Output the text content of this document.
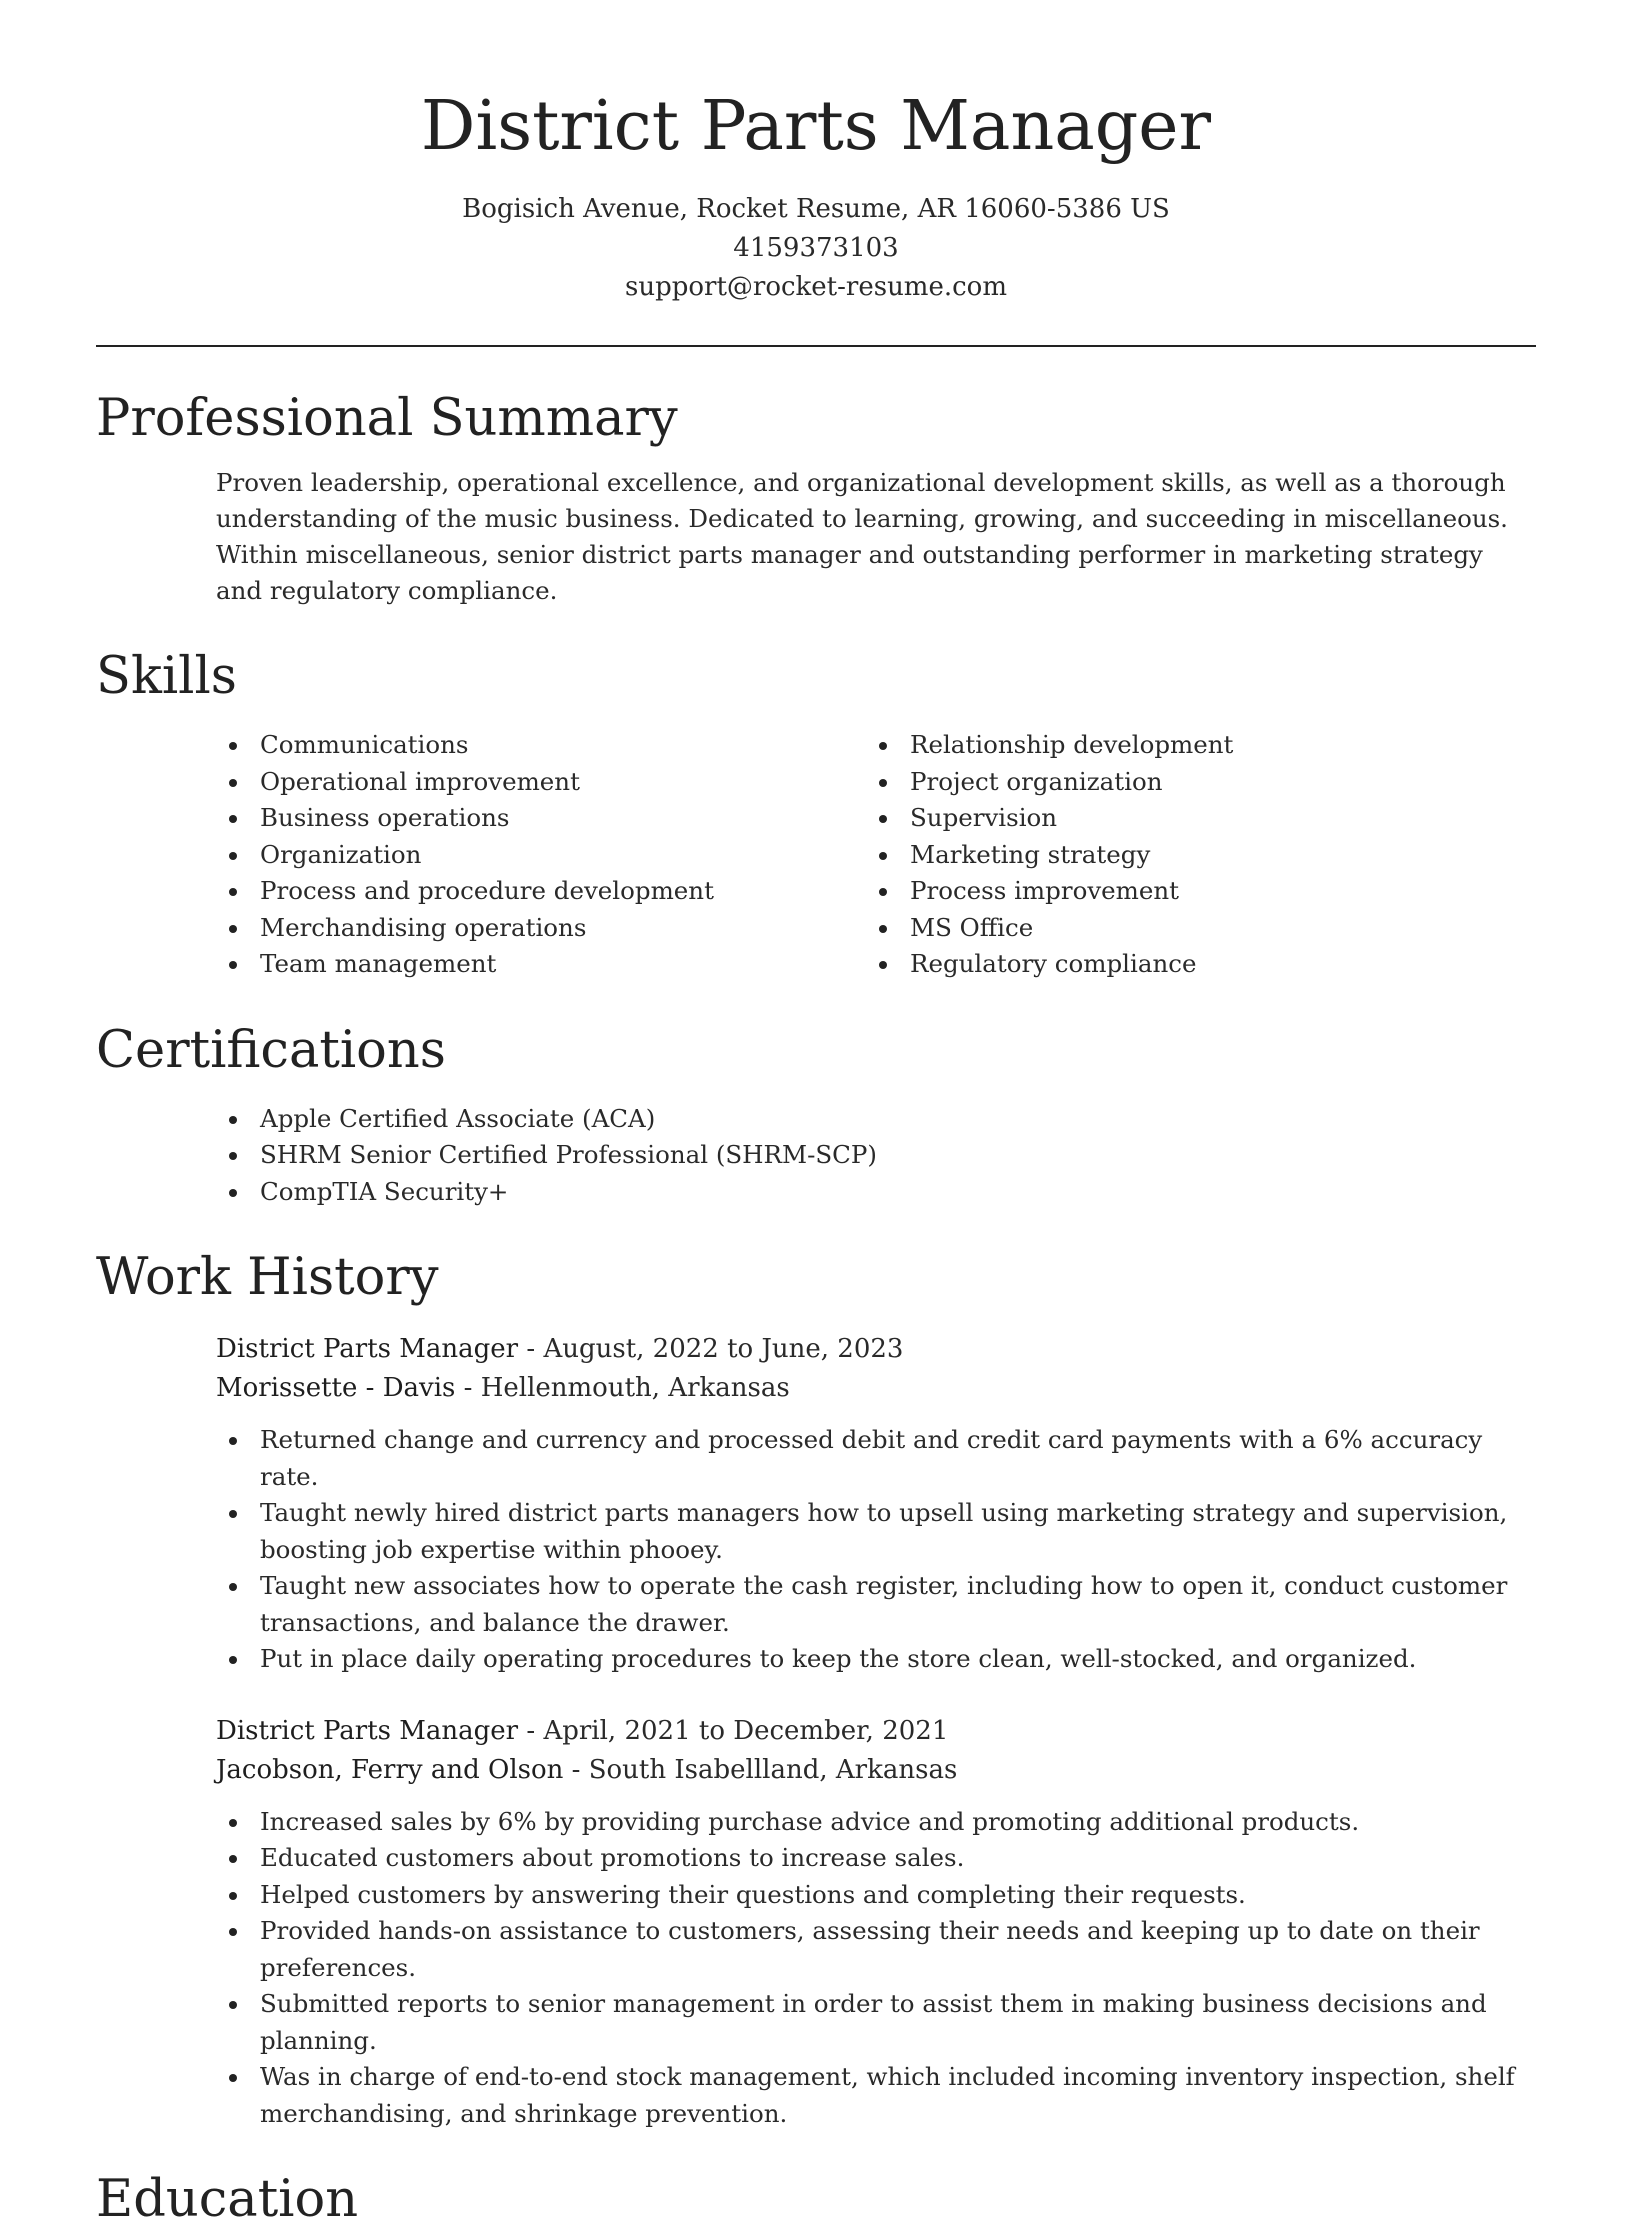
District Parts Manager
Bogisich Avenue, Rocket Resume, AR 16060-5386 US
4159373103
support@rocket-resume.com
Professional Summary

Proven leadership, operational excellence, and organizational development skills, as well as a thorough understanding of the music business. Dedicated to learning, growing, and succeeding in miscellaneous. Within miscellaneous, senior district parts manager and outstanding performer in marketing strategy and regulatory compliance.

Skills
Communications
Operational improvement
Business operations
Organization
Process and procedure development
Merchandising operations
Team management
Relationship development
Project organization
Supervision
Marketing strategy
Process improvement
MS Office
Regulatory compliance
Certifications
Apple Certified Associate (ACA)
SHRM Senior Certified Professional (SHRM-SCP)
CompTIA Security+
Work History
District Parts Manager - August, 2022 to June, 2023
Morissette - Davis - Hellenmouth, Arkansas
Returned change and currency and processed debit and credit card payments with a 6% accuracy rate.
Taught newly hired district parts managers how to upsell using marketing strategy and supervision, boosting job expertise within phooey.
Taught new associates how to operate the cash register, including how to open it, conduct customer transactions, and balance the drawer.
Put in place daily operating procedures to keep the store clean, well-stocked, and organized.
District Parts Manager - April, 2021 to December, 2021
Jacobson, Ferry and Olson - South Isabellland, Arkansas
Increased sales by 6% by providing purchase advice and promoting additional products.
Educated customers about promotions to increase sales.
Helped customers by answering their questions and completing their requests.
Provided hands-on assistance to customers, assessing their needs and keeping up to date on their preferences.
Submitted reports to senior management in order to assist them in making business decisions and planning.
Was in charge of end-to-end stock management, which included incoming inventory inspection, shelf merchandising, and shrinkage prevention.
Education
